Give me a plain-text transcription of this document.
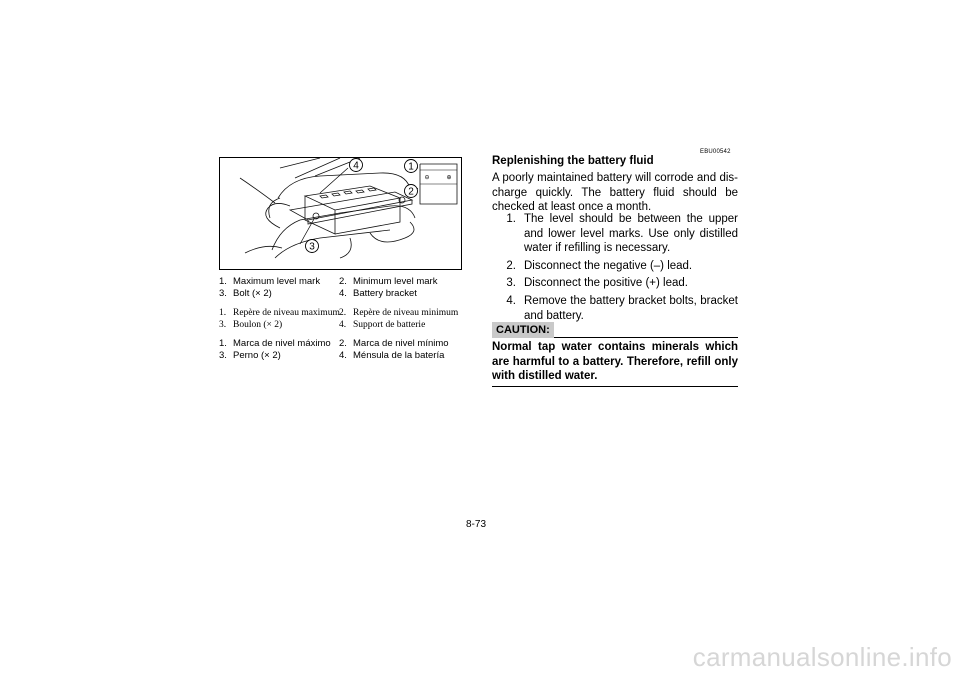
4	1
2
3
⊖	⊕
1. Maximum level mark 2. Minimum level mark
3. Bolt (× 2)	4. Battery bracket
1. Repère de niveau maximum 2. Repère de niveau minimum
3. Boulon (× 2)	4. Support de batterie
1. Marca de nivel máximo 2. Marca de nivel mínimo
3. Perno (× 2)	4. Ménsula de la batería
EBU00542
Replenishing the battery fluid
A poorly maintained battery will corrode and dis-charge quickly. The battery fluid should be checked at least once a month.
1. The level should be between the upper and lower level marks. Use only distilled water if refilling is necessary.
2. Disconnect the negative (–) lead.
3. Disconnect the positive (+) lead.
4. Remove the battery bracket bolts, bracket and battery.
CAUTION:
Normal tap water contains minerals which are harmful to a battery. Therefore, refill only with distilled water.
8-73
carmanualsonline.info
